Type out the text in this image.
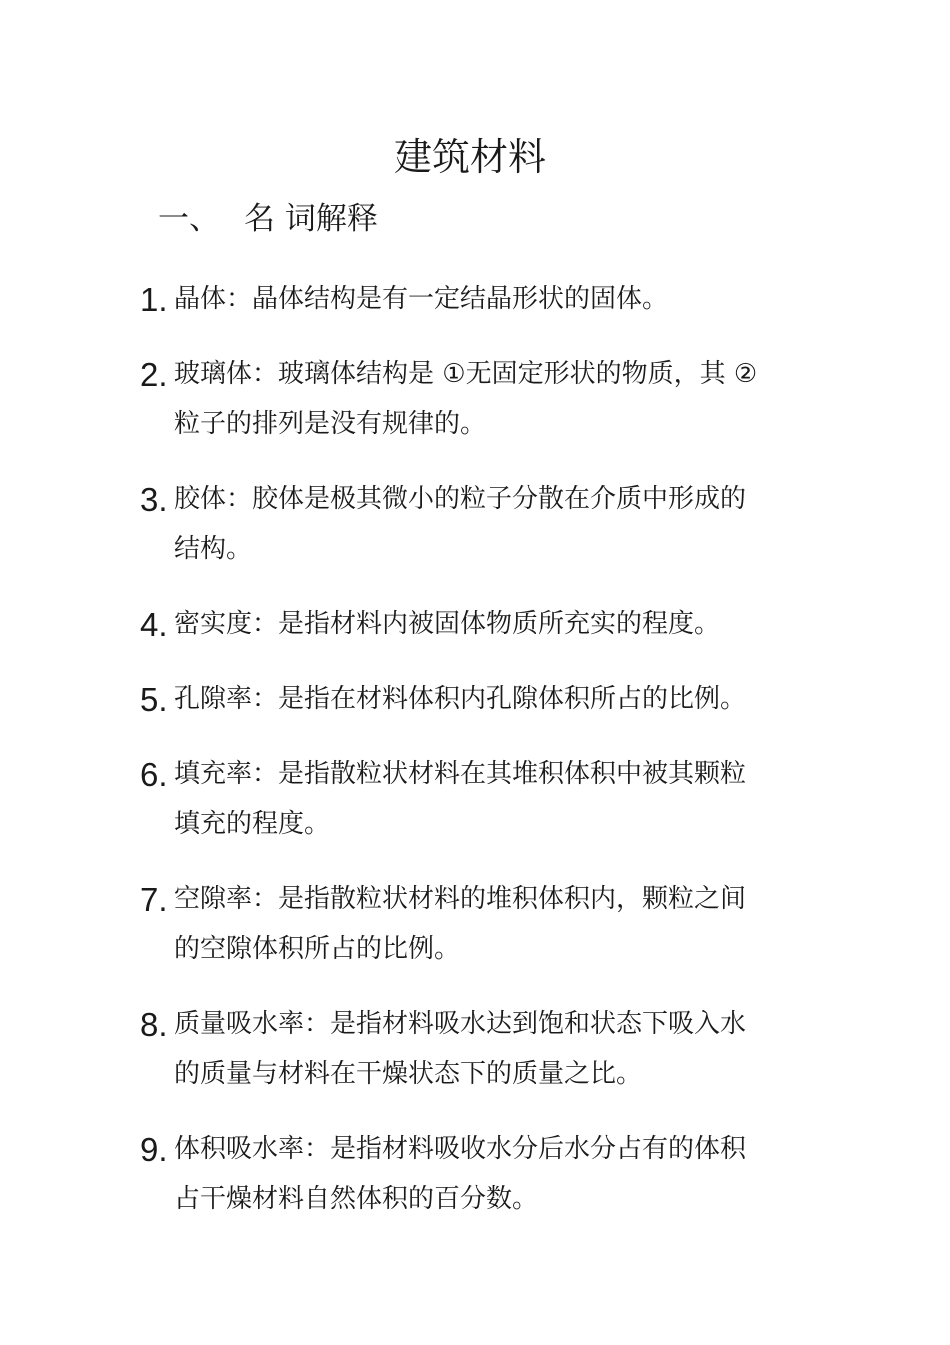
建筑材料
一、 名 词解释
1. 晶体：晶体结构是有一定结晶形状的固体。
2. 玻璃体：玻璃体结构是 ①无固定形状的物质，其 ②
粒子的排列是没有规律的。
3. 胶体：胶体是极其微小的粒子分散在介质中形成的
结构。
4. 密实度：是指材料内被固体物质所充实的程度。
5. 孔隙率：是指在材料体积内孔隙体积所占的比例。
6. 填充率：是指散粒状材料在其堆积体积中被其颗粒
填充的程度。
7. 空隙率：是指散粒状材料的堆积体积内，颗粒之间
的空隙体积所占的比例。
8. 质量吸水率：是指材料吸水达到饱和状态下吸入水
的质量与材料在干燥状态下的质量之比。
9. 体积吸水率：是指材料吸收水分后水分占有的体积
占干燥材料自然体积的百分数。
